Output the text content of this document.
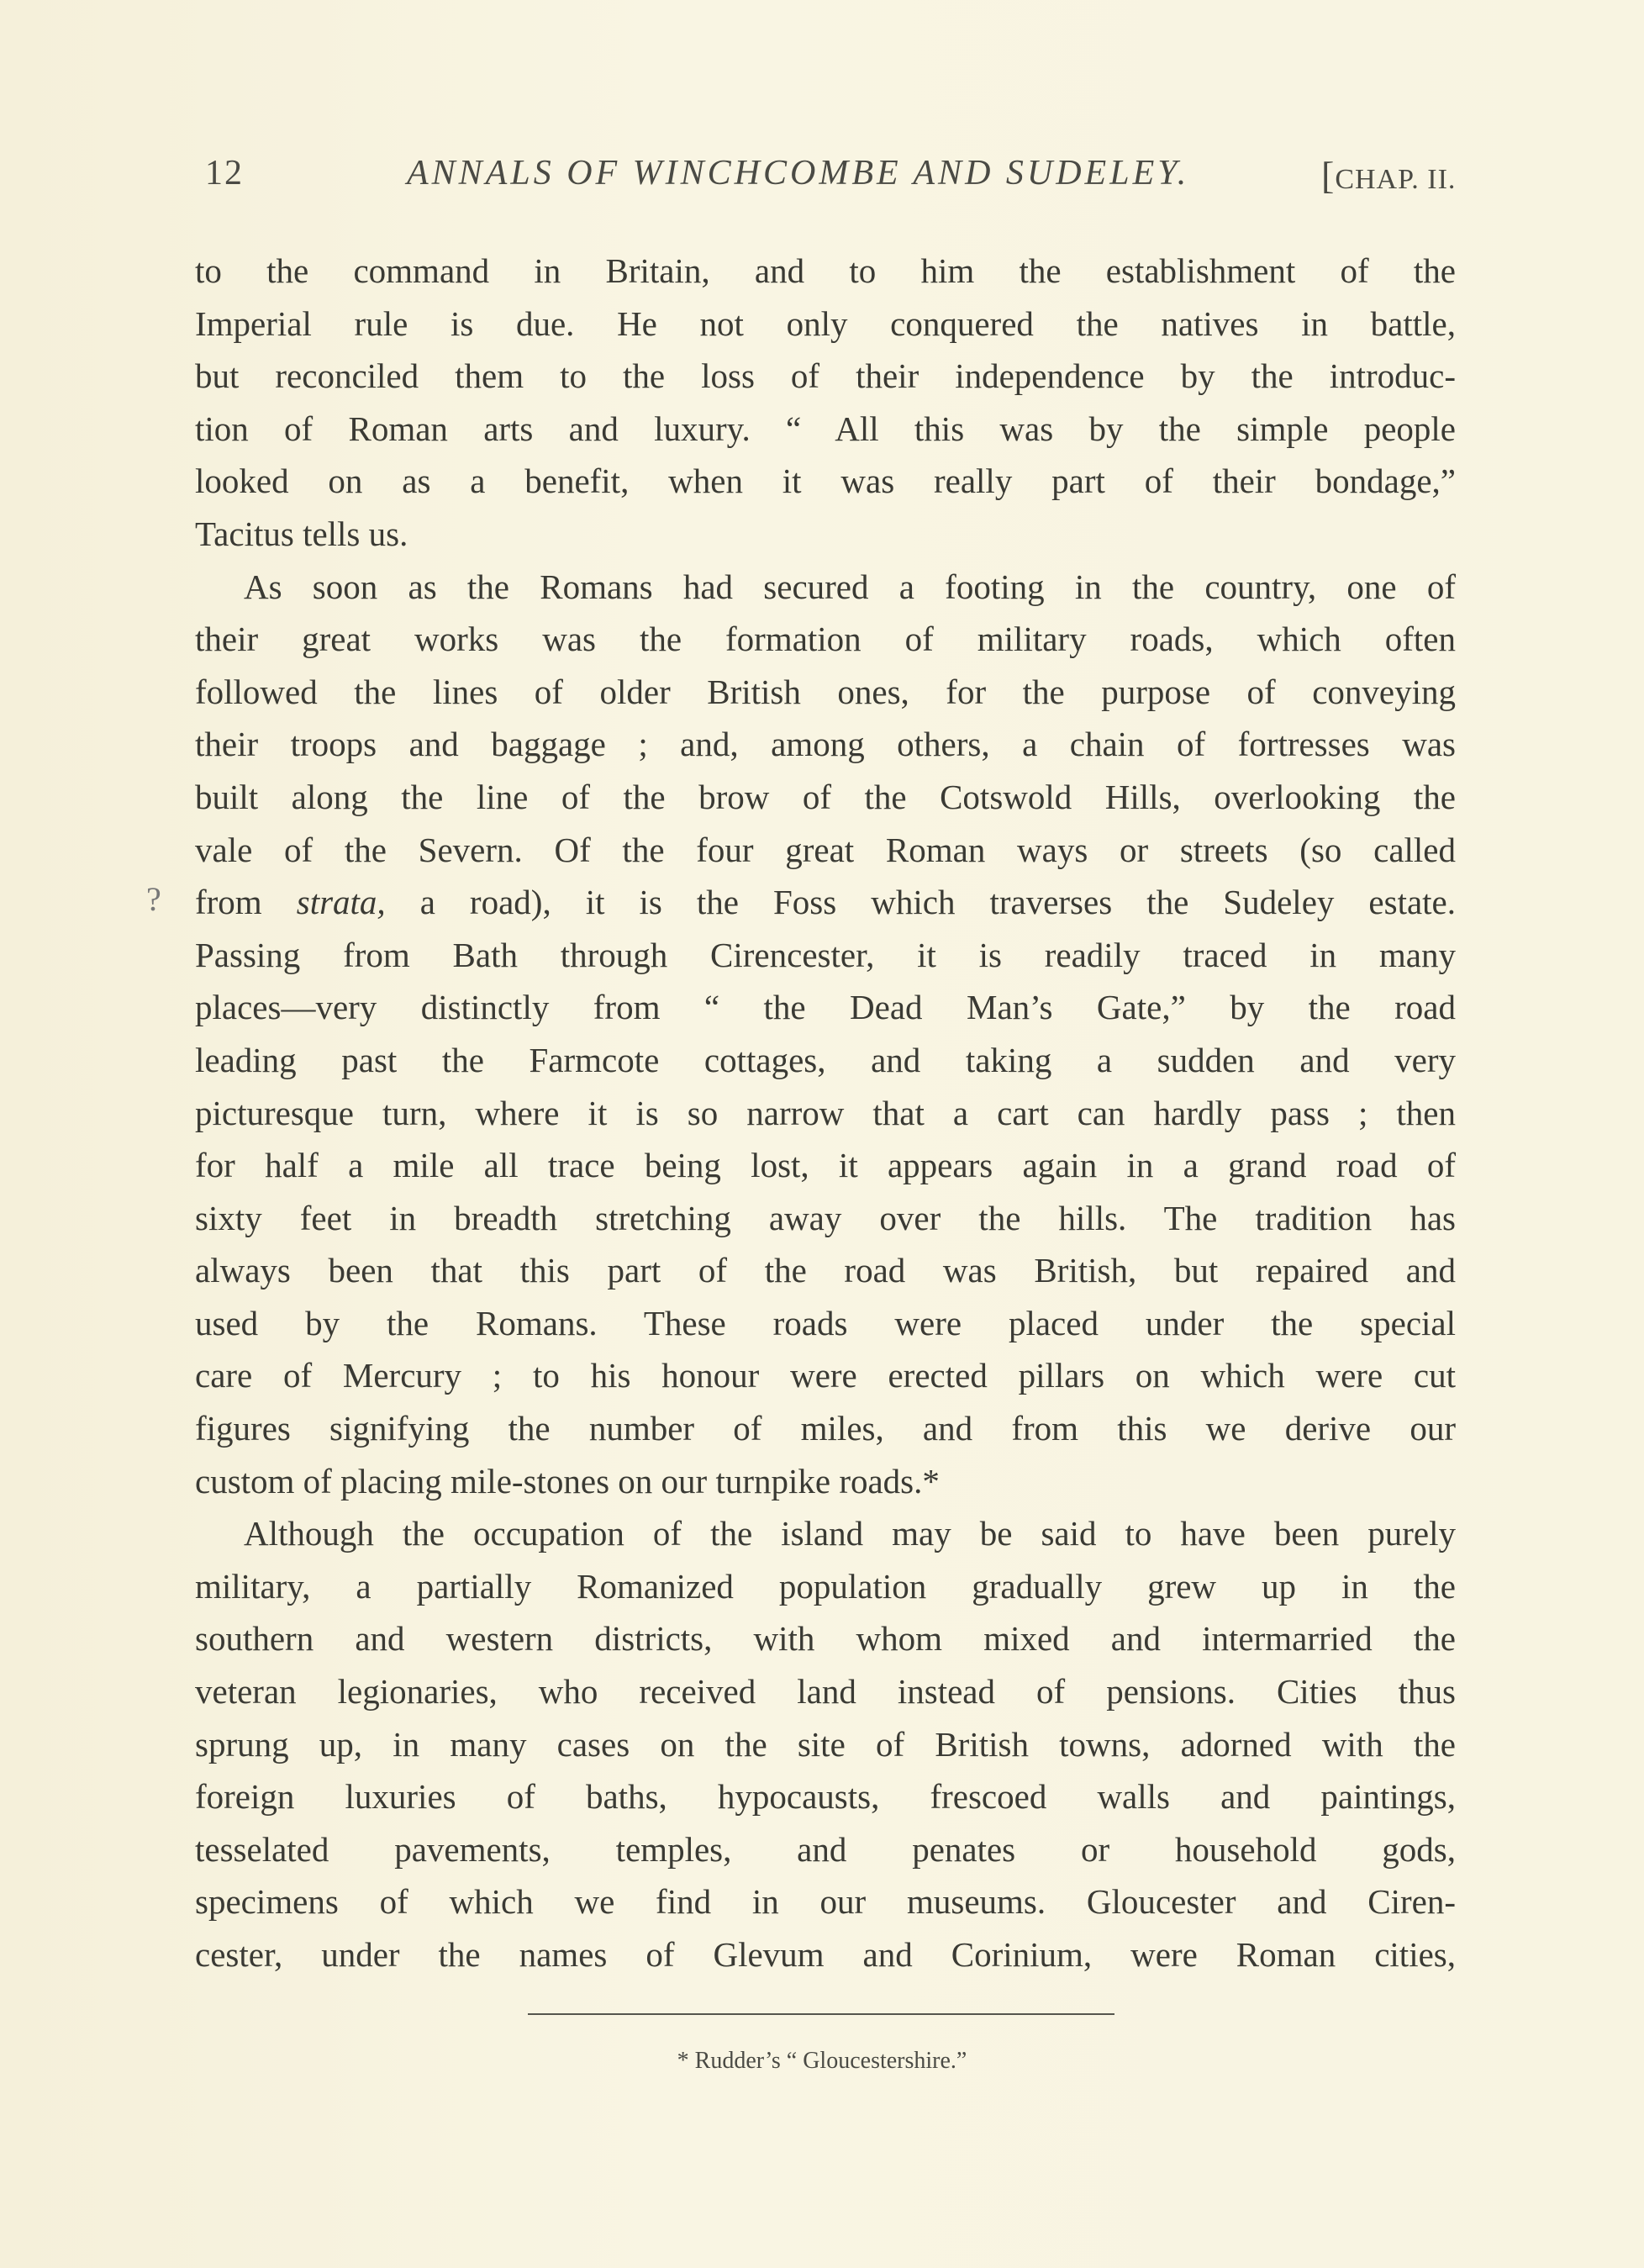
12	ANNALS OF WINCHCOMBE AND SUDELEY.	[CHAP. II.
?
to the command in Britain, and to him the establishment of the
Imperial rule is due. He not only conquered the natives in battle,
but reconciled them to the loss of their independence by the introduc-
tion of Roman arts and luxury. “ All this was by the simple people
looked on as a benefit, when it was really part of their bondage,”
Tacitus tells us.
As soon as the Romans had secured a footing in the country, one of
their great works was the formation of military roads, which often
followed the lines of older British ones, for the purpose of conveying
their troops and baggage ; and, among others, a chain of fortresses was
built along the line of the brow of the Cotswold Hills, overlooking the
vale of the Severn. Of the four great Roman ways or streets (so called
from strata, a road), it is the Foss which traverses the Sudeley estate.
Passing from Bath through Cirencester, it is readily traced in many
places—very distinctly from “ the Dead Man’s Gate,” by the road
leading past the Farmcote cottages, and taking a sudden and very
picturesque turn, where it is so narrow that a cart can hardly pass ; then
for half a mile all trace being lost, it appears again in a grand road of
sixty feet in breadth stretching away over the hills. The tradition has
always been that this part of the road was British, but repaired and
used by the Romans. These roads were placed under the special
care of Mercury ; to his honour were erected pillars on which were cut
figures signifying the number of miles, and from this we derive our
custom of placing mile-stones on our turnpike roads.*
Although the occupation of the island may be said to have been purely
military, a partially Romanized population gradually grew up in the
southern and western districts, with whom mixed and intermarried the
veteran legionaries, who received land instead of pensions. Cities thus
sprung up, in many cases on the site of British towns, adorned with the
foreign luxuries of baths, hypocausts, frescoed walls and paintings,
tesselated pavements, temples, and penates or household gods,
specimens of which we find in our museums. Gloucester and Ciren-
cester, under the names of Glevum and Corinium, were Roman cities,
* Rudder’s “ Gloucestershire.”
